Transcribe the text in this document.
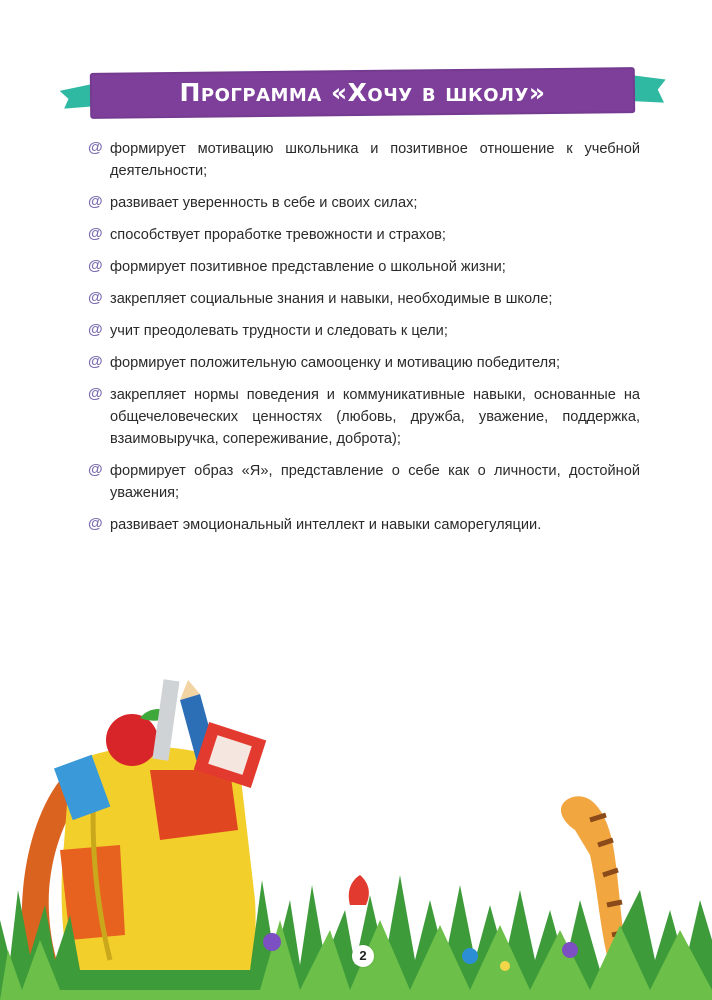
Программа «Хочу в школу»
@ формирует мотивацию школьника и позитивное отношение к учебной деятельности;
@ развивает уверенность в себе и своих силах;
@ способствует проработке тревожности и страхов;
@ формирует позитивное представление о школьной жизни;
@ закрепляет социальные знания и навыки, необходимые в школе;
@ учит преодолевать трудности и следовать к цели;
@ формирует положительную самооценку и мотивацию победителя;
@ закрепляет нормы поведения и коммуникативные навыки, основанные на общечеловеческих ценностях (любовь, дружба, уважение, поддержка, взаимовыручка, сопереживание, доброта);
@ формирует образ «Я», представление о себе как о личности, достойной уважения;
@ развивает эмоциональный интеллект и навыки саморегуляции.
2
